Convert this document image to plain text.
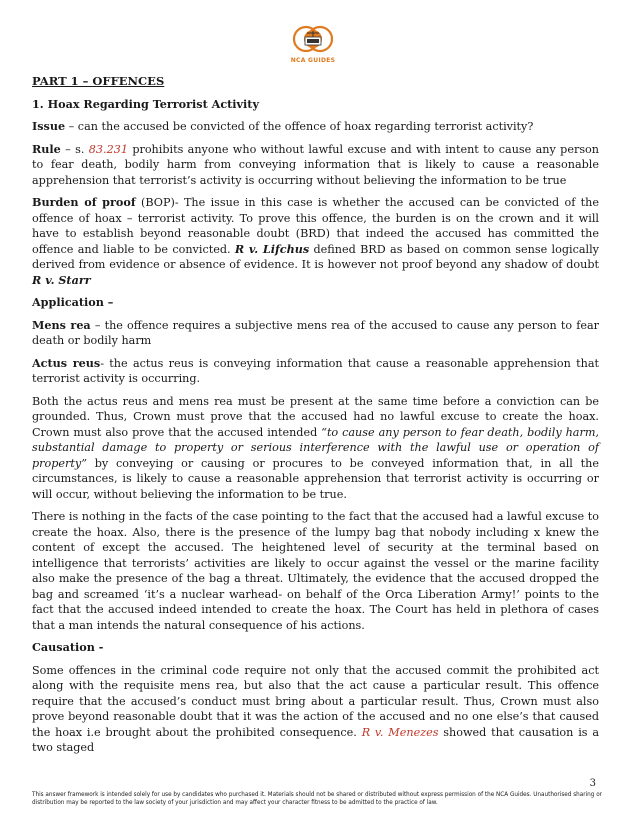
NCA GUIDES

PART 1 – OFFENCES

1. Hoax Regarding Terrorist Activity

Issue – can the accused be convicted of the offence of hoax regarding terrorist activity?

Rule – s. 83.231 prohibits anyone who without lawful excuse and with intent to cause any person to fear death, bodily harm from conveying information that is likely to cause a reasonable apprehension that terrorist’s activity is occurring without believing the information to be true

Burden of proof (BOP)- The issue in this case is whether the accused can be convicted of the offence of hoax – terrorist activity. To prove this offence, the burden is on the crown and it will have to establish beyond reasonable doubt (BRD) that indeed the accused has committed the offence and liable to be convicted. R v. Lifchus defined BRD as based on common sense logically derived from evidence or absence of evidence. It is however not proof beyond any shadow of doubt R v. Starr

Application –

Mens rea – the offence requires a subjective mens rea of the accused to cause any person to fear death or bodily harm

Actus reus- the actus reus is conveying information that cause a reasonable apprehension that terrorist activity is occurring.

Both the actus reus and mens rea must be present at the same time before a conviction can be grounded. Thus, Crown must prove that the accused had no lawful excuse to create the hoax. Crown must also prove that the accused intended “to cause any person to fear death, bodily harm, substantial damage to property or serious interference with the lawful use or operation of property” by conveying or causing or procures to be conveyed information that, in all the circumstances, is likely to cause a reasonable apprehension that terrorist activity is occurring or will occur, without believing the information to be true.

There is nothing in the facts of the case pointing to the fact that the accused had a lawful excuse to create the hoax. Also, there is the presence of the lumpy bag that nobody including x knew the content of except the accused. The heightened level of security at the terminal based on intelligence that terrorists’ activities are likely to occur against the vessel or the marine facility also make the presence of the bag a threat. Ultimately, the evidence that the accused dropped the bag and screamed ‘it’s a nuclear warhead- on behalf of the Orca Liberation Army!’ points to the fact that the accused indeed intended to create the hoax. The Court has held in plethora of cases that a man intends the natural consequence of his actions.

Causation -

Some offences in the criminal code require not only that the accused commit the prohibited act along with the requisite mens rea, but also that the act cause a particular result. This offence require that the accused’s conduct must bring about a particular result. Thus, Crown must also prove beyond reasonable doubt that it was the action of the accused and no one else’s that caused the hoax i.e brought about the prohibited consequence. R v. Menezes showed that causation is a two staged

3
This answer framework is intended solely for use by candidates who purchased it. Materials should not be shared or distributed without express permission of the NCA Guides. Unauthorised sharing or distribution may be reported to the law society of your jurisdiction and may affect your character fitness to be admitted to the practice of law.
